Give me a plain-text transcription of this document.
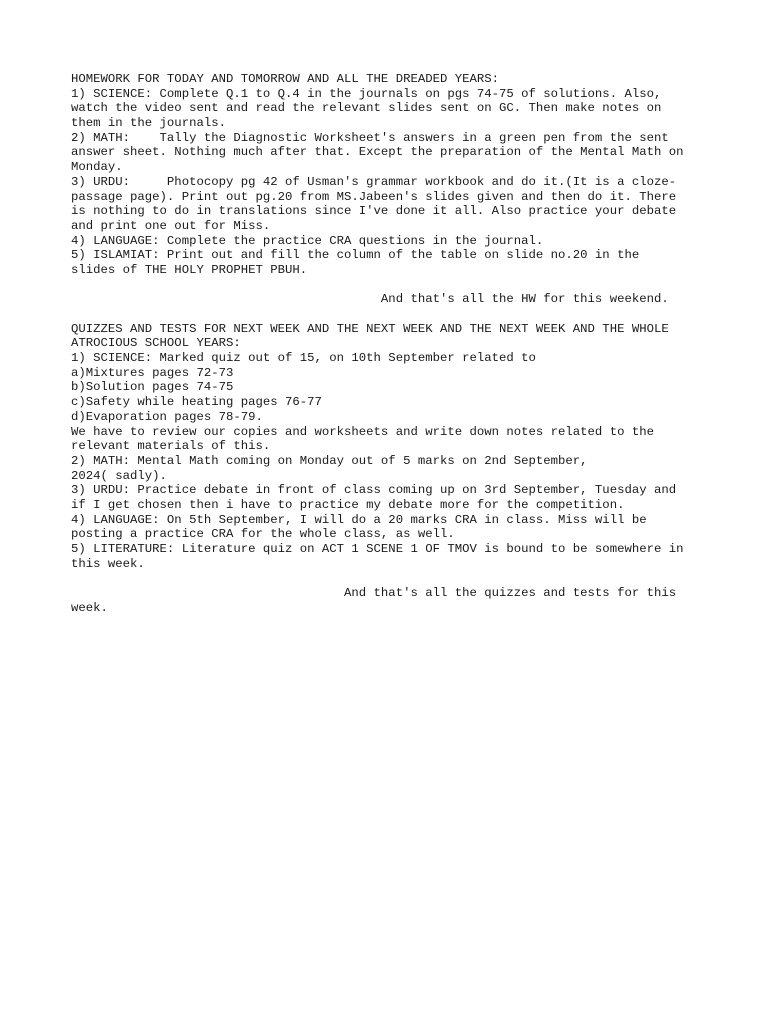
HOMEWORK FOR TODAY AND TOMORROW AND ALL THE DREADED YEARS:
1) SCIENCE: Complete Q.1 to Q.4 in the journals on pgs 74-75 of solutions. Also,
watch the video sent and read the relevant slides sent on GC. Then make notes on
them in the journals.
2) MATH:    Tally the Diagnostic Worksheet's answers in a green pen from the sent
answer sheet. Nothing much after that. Except the preparation of the Mental Math on
Monday.
3) URDU:     Photocopy pg 42 of Usman's grammar workbook and do it.(It is a cloze-
passage page). Print out pg.20 from MS.Jabeen's slides given and then do it. There
is nothing to do in translations since I've done it all. Also practice your debate
and print one out for Miss.
4) LANGUAGE: Complete the practice CRA questions in the journal.
5) ISLAMIAT: Print out and fill the column of the table on slide no.20 in the
slides of THE HOLY PROPHET PBUH.
And that's all the HW for this weekend.
QUIZZES AND TESTS FOR NEXT WEEK AND THE NEXT WEEK AND THE NEXT WEEK AND THE WHOLE
ATROCIOUS SCHOOL YEARS:
1) SCIENCE: Marked quiz out of 15, on 10th September related to
a)Mixtures pages 72-73
b)Solution pages 74-75
c)Safety while heating pages 76-77
d)Evaporation pages 78-79.
We have to review our copies and worksheets and write down notes related to the
relevant materials of this.
2) MATH: Mental Math coming on Monday out of 5 marks on 2nd September,
2024( sadly).
3) URDU: Practice debate in front of class coming up on 3rd September, Tuesday and
if I get chosen then i have to practice my debate more for the competition.
4) LANGUAGE: On 5th September, I will do a 20 marks CRA in class. Miss will be
posting a practice CRA for the whole class, as well.
5) LITERATURE: Literature quiz on ACT 1 SCENE 1 OF TMOV is bound to be somewhere in
this week.
And that's all the quizzes and tests for this
week.
